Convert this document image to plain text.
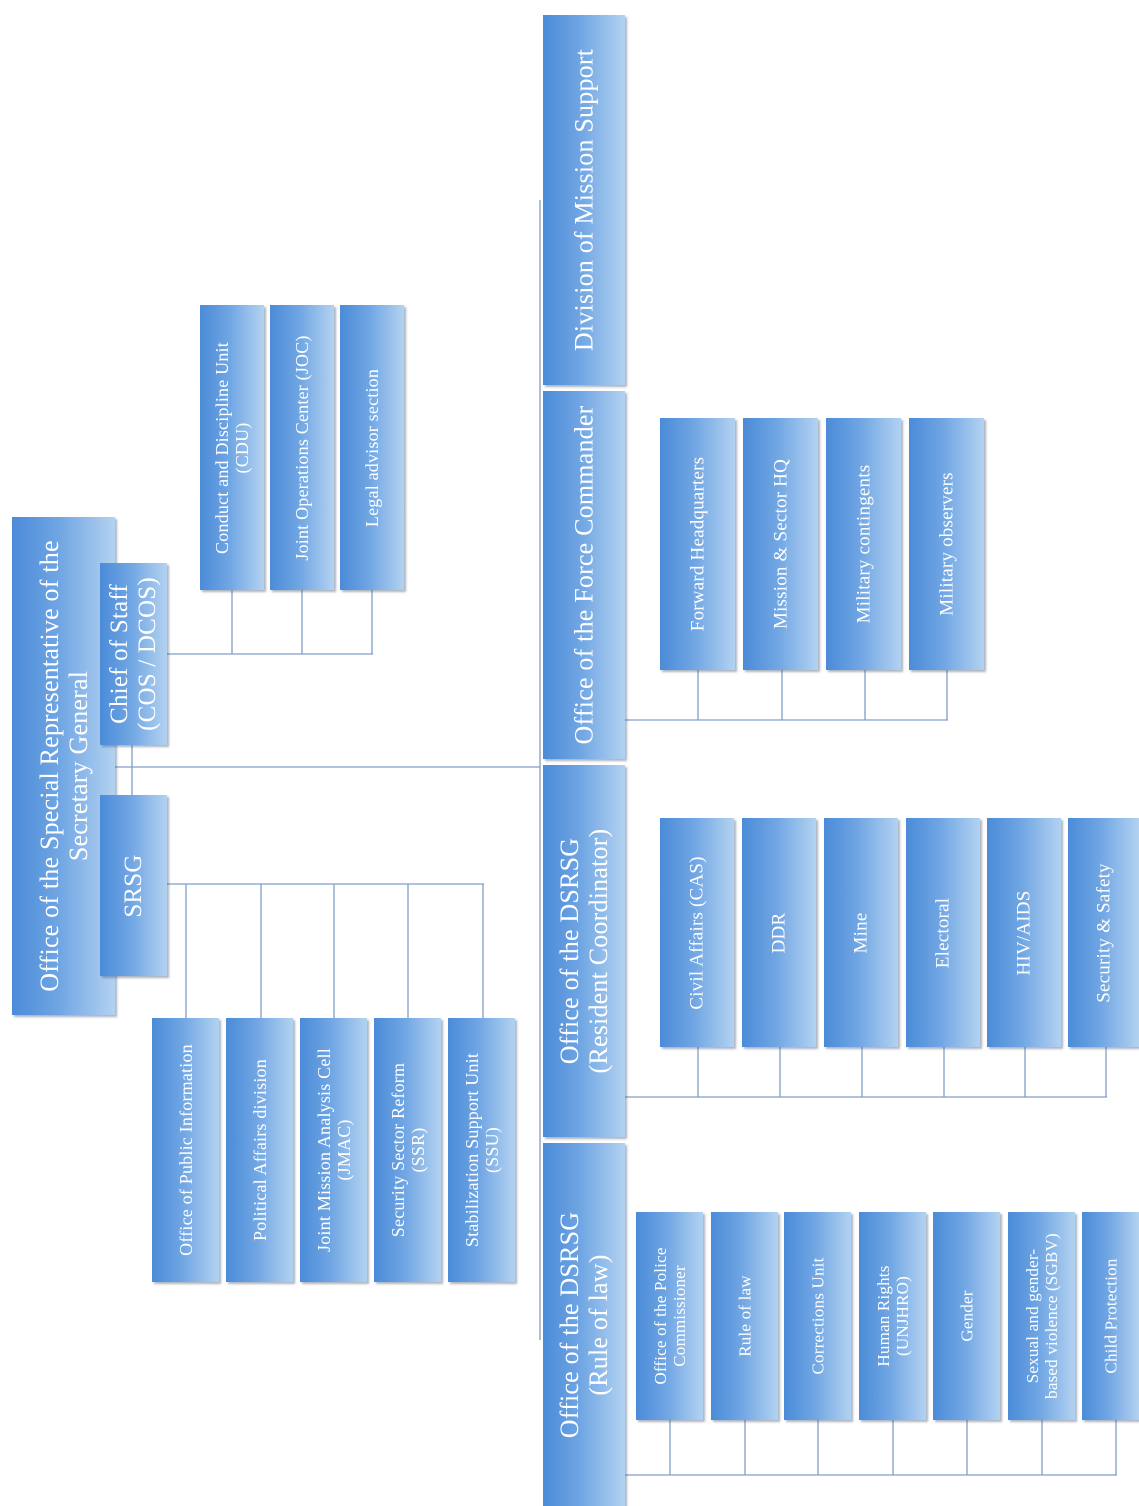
Office of the Special Representative of the
Secretary General Chief of Staff
(COS / DCOS)
SRSG
Conduct and Discipline Unit
(CDU) Joint Operations Center (JOC)	Legal advisor section
Office of Public Information	Political Affairs division Joint Mission Analysis Cell
(JMAC)
Security Sector Reform
(SSR)
Stabilization Support Unit
(SSU)
Division of Mission Support
Office of the Force Commander
Office of the DSRSG
(Resident Coordinator)
Office of the DSRSG
(Rule of law)
Forward Headquarters	Mission & Sector HQ	Military contingents	Military observers
Civil Affairs (CAS)	DDR	Mine	Electoral	HIV/AIDS	Security & Safety
Office of the Police
Commissioner	Rule of law	Corrections Unit	Human Rights
(UNJHRO)	Gender
Sexual and gender-
based violence (SGBV) Child Protection
